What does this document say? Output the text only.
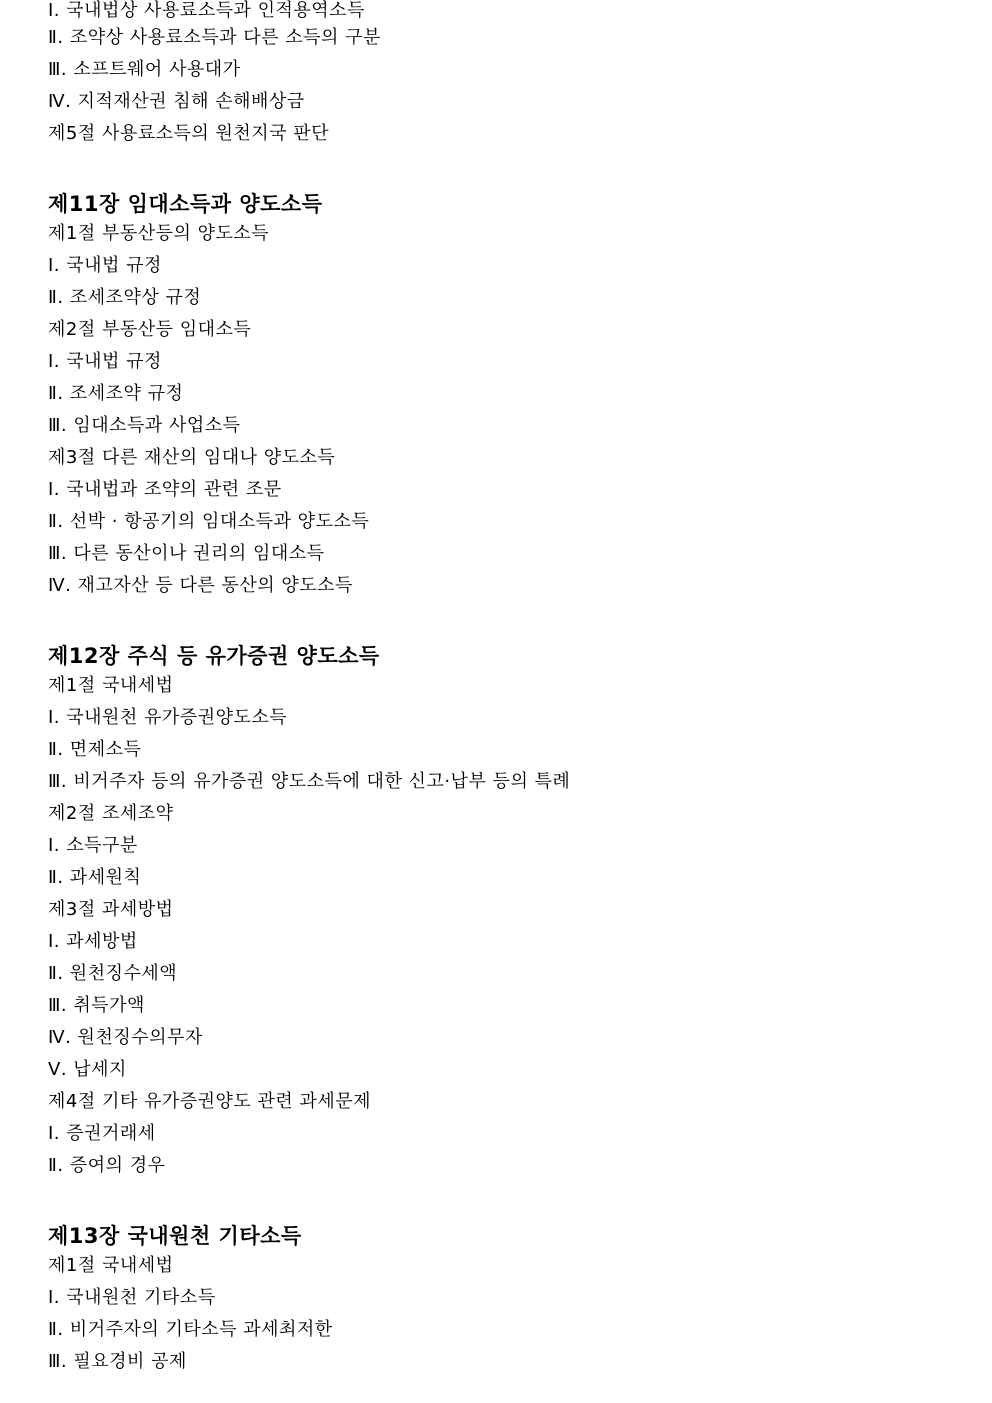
Ⅰ. 국내법상 사용료소득과 인적용역소득
Ⅱ. 조약상 사용료소득과 다른 소득의 구분
Ⅲ. 소프트웨어 사용대가
Ⅳ. 지적재산권 침해 손해배상금
제5절 사용료소득의 원천지국 판단
제11장 임대소득과 양도소득
제1절 부동산등의 양도소득
Ⅰ. 국내법 규정
Ⅱ. 조세조약상 규정
제2절 부동산등 임대소득
Ⅰ. 국내법 규정
Ⅱ. 조세조약 규정
Ⅲ. 임대소득과 사업소득
제3절 다른 재산의 임대나 양도소득
Ⅰ. 국내법과 조약의 관련 조문
Ⅱ. 선박 · 항공기의 임대소득과 양도소득
Ⅲ. 다른 동산이나 권리의 임대소득
Ⅳ. 재고자산 등 다른 동산의 양도소득
제12장 주식 등 유가증권 양도소득
제1절 국내세법
Ⅰ. 국내원천 유가증권양도소득
Ⅱ. 면제소득
Ⅲ. 비거주자 등의 유가증권 양도소득에 대한 신고·납부 등의 특례
제2절 조세조약
Ⅰ. 소득구분
Ⅱ. 과세원칙
제3절 과세방법
Ⅰ. 과세방법
Ⅱ. 원천징수세액
Ⅲ. 취득가액
Ⅳ. 원천징수의무자
Ⅴ. 납세지
제4절 기타 유가증권양도 관련 과세문제
Ⅰ. 증권거래세
Ⅱ. 증여의 경우
제13장 국내원천 기타소득
제1절 국내세법
Ⅰ. 국내원천 기타소득
Ⅱ. 비거주자의 기타소득 과세최저한
Ⅲ. 필요경비 공제
